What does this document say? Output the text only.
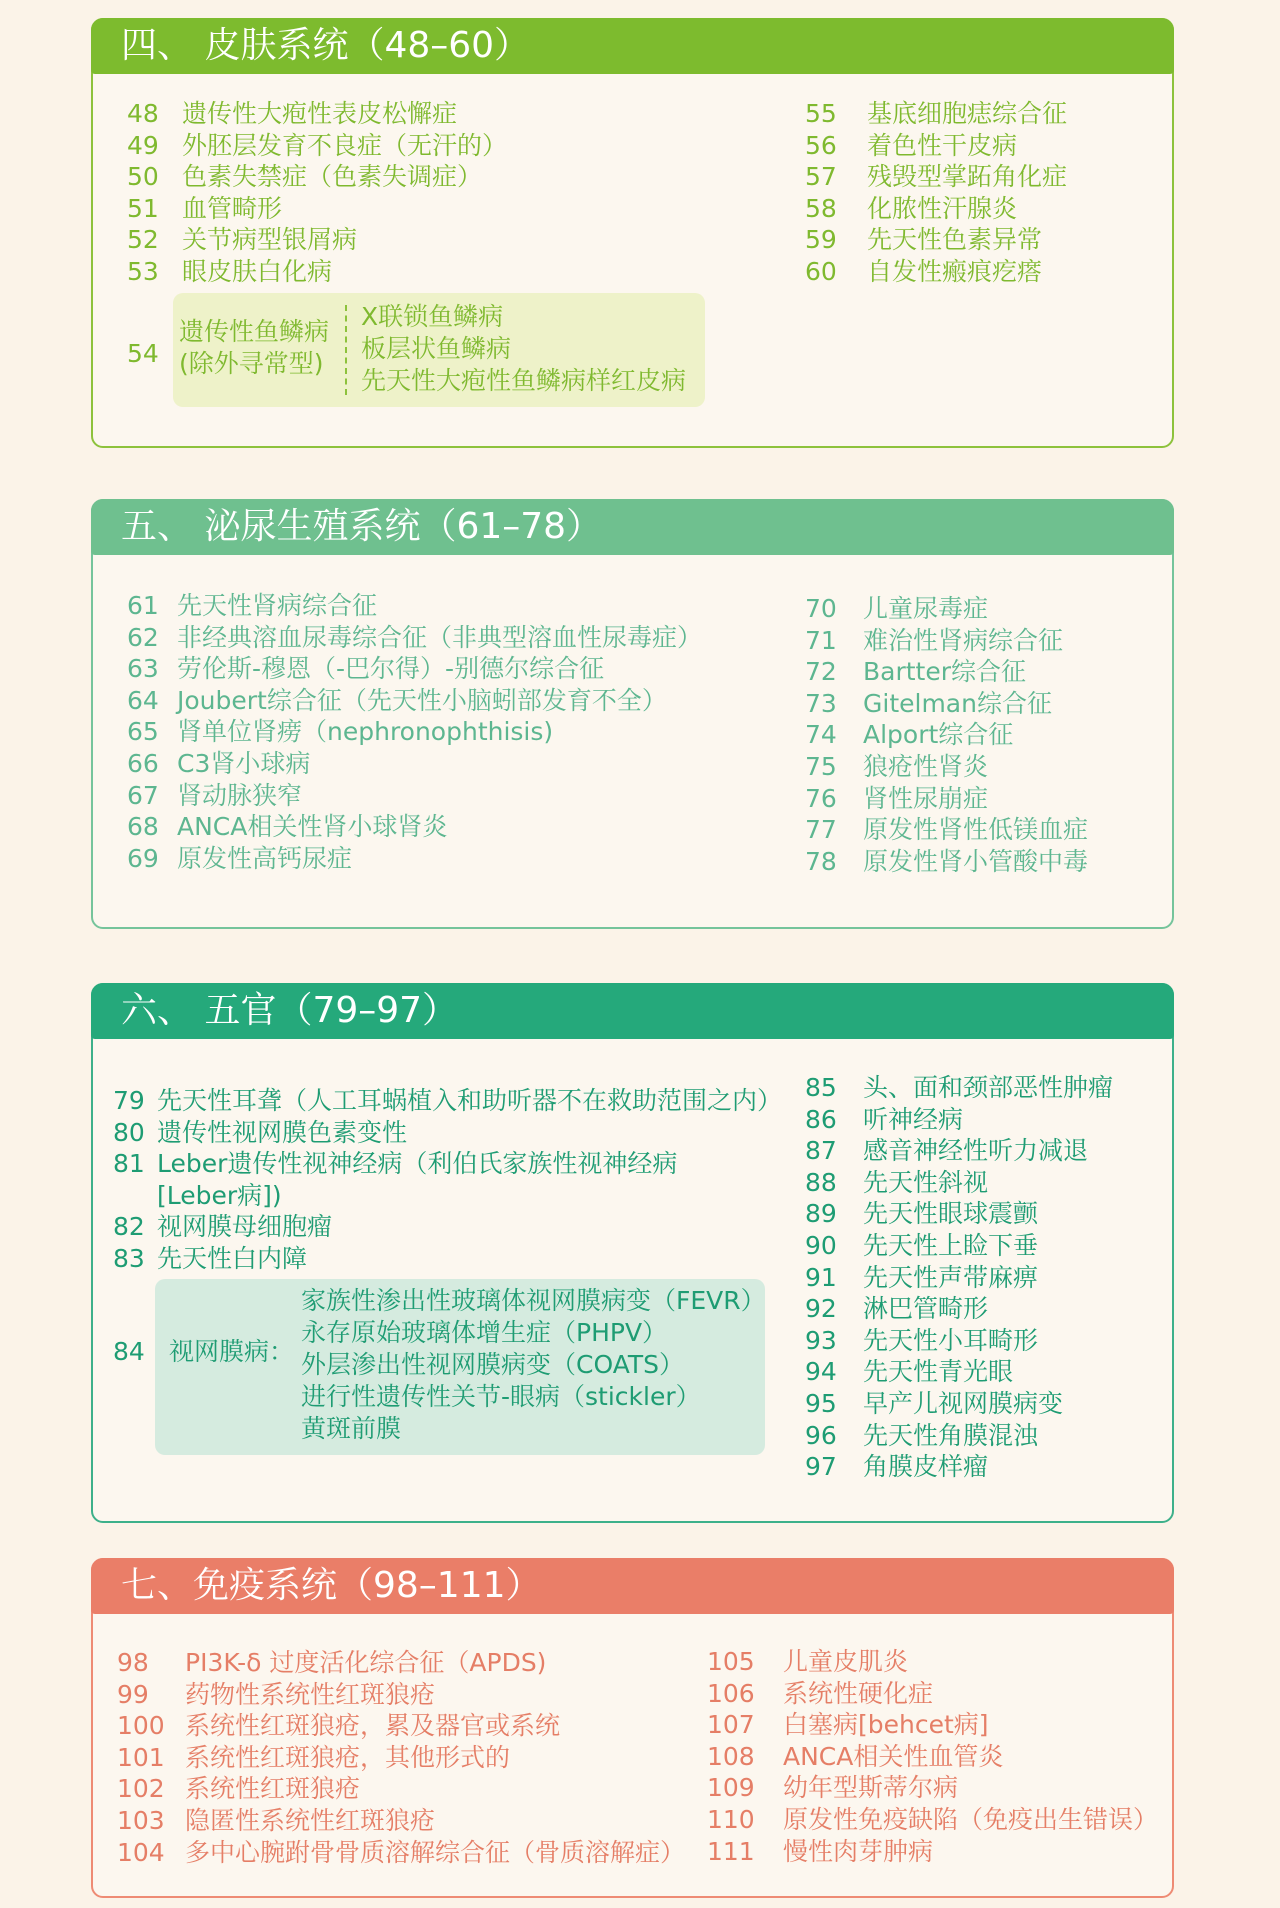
四、 皮肤系统（48–60）
54
遗传性鱼鳞病
(除外寻常型)
X联锁鱼鳞病
板层状鱼鳞病
先天性大疱性鱼鳞病样红皮病
48 遗传性大疱性表皮松懈症
49 外胚层发育不良症（无汗的）
50 色素失禁症（色素失调症）
51 血管畸形
52 关节病型银屑病
53 眼皮肤白化病
55 基底细胞痣综合征
56 着色性干皮病
57 残毁型掌跖角化症
58 化脓性汗腺炎
59 先天性色素异常
60 自发性瘢痕疙瘩
五、 泌尿生殖系统（61–78）
61 先天性肾病综合征
62 非经典溶血尿毒综合征（非典型溶血性尿毒症）
63 劳伦斯-穆恩（-巴尔得）-别德尔综合征
64 Joubert综合征（先天性小脑蚓部发育不全）
65 肾单位肾痨（nephronophthisis)
66 C3肾小球病
67 肾动脉狭窄
68 ANCA相关性肾小球肾炎
69 原发性高钙尿症
70 儿童尿毒症
71 难治性肾病综合征
72 Bartter综合征
73 Gitelman综合征
74 Alport综合征
75 狼疮性肾炎
76 肾性尿崩症
77 原发性肾性低镁血症
78 原发性肾小管酸中毒
六、 五官（79–97）
84 视网膜病：
家族性渗出性玻璃体视网膜病变（FEVR）
永存原始玻璃体增生症（PHPV）
外层渗出性视网膜病变（COATS）
进行性遗传性关节-眼病（stickler）
黄斑前膜
79 先天性耳聋（人工耳蜗植入和助听器不在救助范围之内）
80 遗传性视网膜色素变性
81 Leber遗传性视神经病（利伯氏家族性视神经病
[Leber病])
82 视网膜母细胞瘤
83 先天性白内障
85 头、面和颈部恶性肿瘤
86 听神经病
87 感音神经性听力减退
88 先天性斜视
89 先天性眼球震颤
90 先天性上睑下垂
91 先天性声带麻痹
92 淋巴管畸形
93 先天性小耳畸形
94 先天性青光眼
95 早产儿视网膜病变
96 先天性角膜混浊
97 角膜皮样瘤
七、免疫系统（98–111）
98 PI3K-δ 过度活化综合征（APDS)
99 药物性系统性红斑狼疮
100 系统性红斑狼疮，累及器官或系统
101 系统性红斑狼疮，其他形式的
102 系统性红斑狼疮
103 隐匿性系统性红斑狼疮
104 多中心腕跗骨骨质溶解综合征（骨质溶解症）
105 儿童皮肌炎
106 系统性硬化症
107 白塞病[behcet病]
108 ANCA相关性血管炎
109 幼年型斯蒂尔病
110 原发性免疫缺陷（免疫出生错误）
111 慢性肉芽肿病
